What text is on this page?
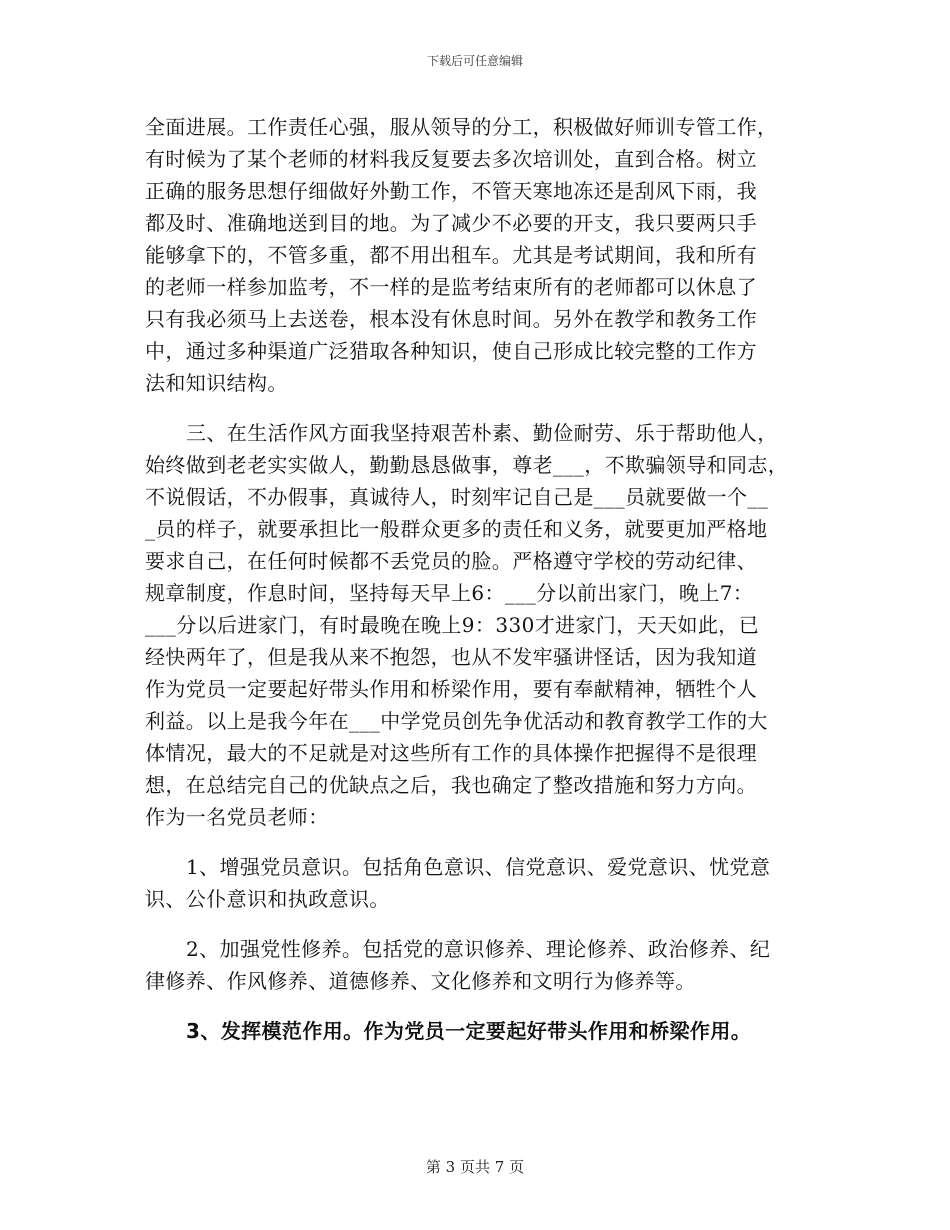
下载后可任意编辑
全面进展。工作责任心强，服从领导的分工，积极做好师训专管工作，
有时候为了某个老师的材料我反复要去多次培训处，直到合格。树立
正确的服务思想仔细做好外勤工作，不管天寒地冻还是刮风下雨，我
都及时、准确地送到目的地。为了减少不必要的开支，我只要两只手
能够拿下的，不管多重，都不用出租车。尤其是考试期间，我和所有
的老师一样参加监考，不一样的是监考结束所有的老师都可以休息了
只有我必须马上去送卷，根本没有休息时间。另外在教学和教务工作
中，通过多种渠道广泛猎取各种知识，使自己形成比较完整的工作方
法和知识结构。
三、在生活作风方面我坚持艰苦朴素、勤俭耐劳、乐于帮助他人，
始终做到老老实实做人，勤勤恳恳做事，尊老___，不欺骗领导和同志，
不说假话，不办假事，真诚待人，时刻牢记自己是___员就要做一个__
_员的样子，就要承担比一般群众更多的责任和义务，就要更加严格地
要求自己，在任何时候都不丢党员的脸。严格遵守学校的劳动纪律、
规章制度，作息时间，坚持每天早上6：___分以前出家门，晚上7：
___分以后进家门，有时最晚在晚上9：330才进家门，天天如此，已
经快两年了，但是我从来不抱怨，也从不发牢骚讲怪话，因为我知道
作为党员一定要起好带头作用和桥梁作用，要有奉献精神，牺牲个人
利益。以上是我今年在___中学党员创先争优活动和教育教学工作的大
体情况，最大的不足就是对这些所有工作的具体操作把握得不是很理
想，在总结完自己的优缺点之后，我也确定了整改措施和努力方向。
作为一名党员老师：
1、增强党员意识。包括角色意识、信党意识、爱党意识、忧党意
识、公仆意识和执政意识。
2、加强党性修养。包括党的意识修养、理论修养、政治修养、纪
律修养、作风修养、道德修养、文化修养和文明行为修养等。
3、发挥模范作用。作为党员一定要起好带头作用和桥梁作用。
第 3 页共 7 页
